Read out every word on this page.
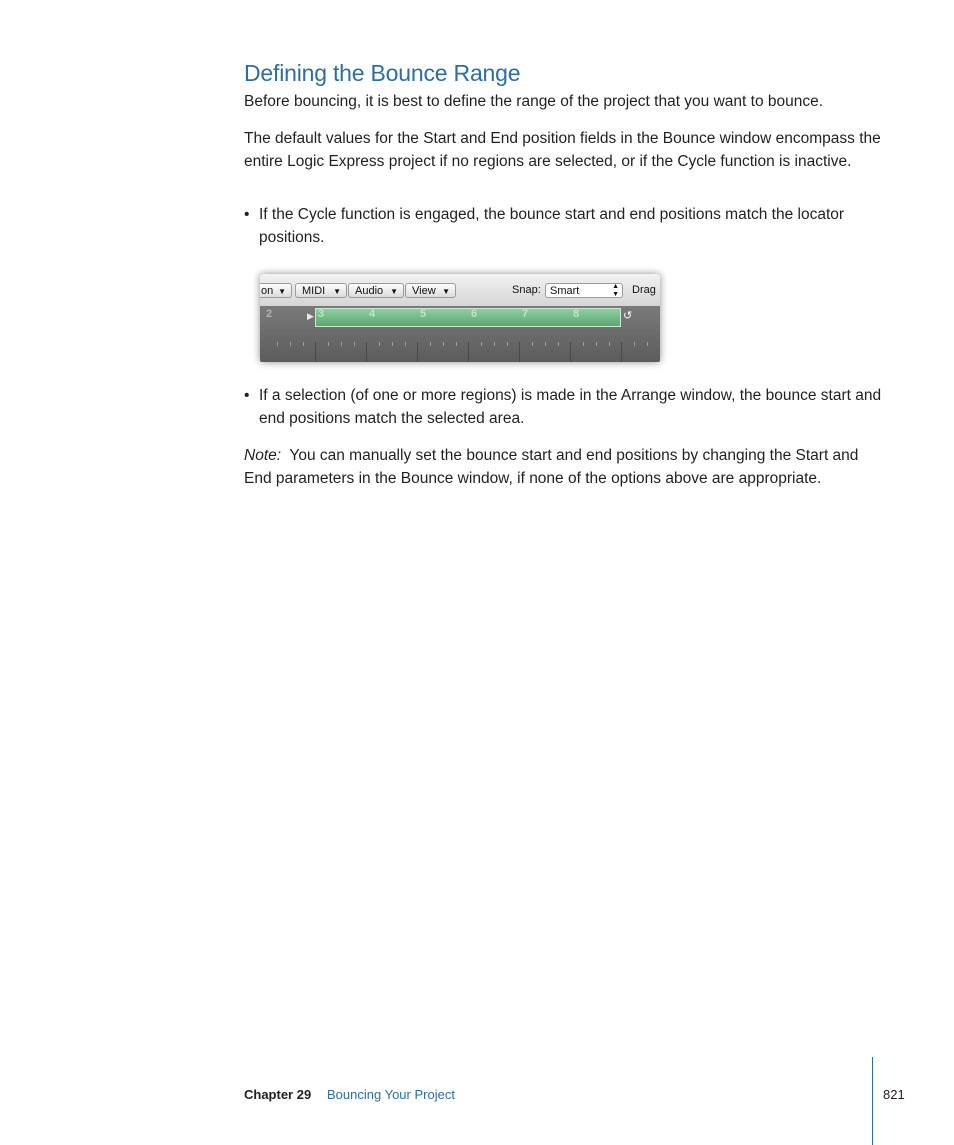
Defining the Bounce Range

Before bouncing, it is best to define the range of the project that you want to bounce.

The default values for the Start and End position fields in the Bounce window encompass the entire Logic Express project if no regions are selected, or if the Cycle function is inactive.

• If the Cycle function is engaged, the bounce start and end positions match the locator positions.
on ▼	MIDI ▼	Audio ▼	View ▼	Snap: Smart	▲
▼ Drag
2	▶ 3	4	5	6	7	8	↺
• If a selection (of one or more regions) is made in the Arrange window, the bounce start and end positions match the selected area.

Note: You can manually set the bounce start and end positions by changing the Start and End parameters in the Bounce window, if none of the options above are appropriate.

Chapter 29 Bouncing Your Project	821
